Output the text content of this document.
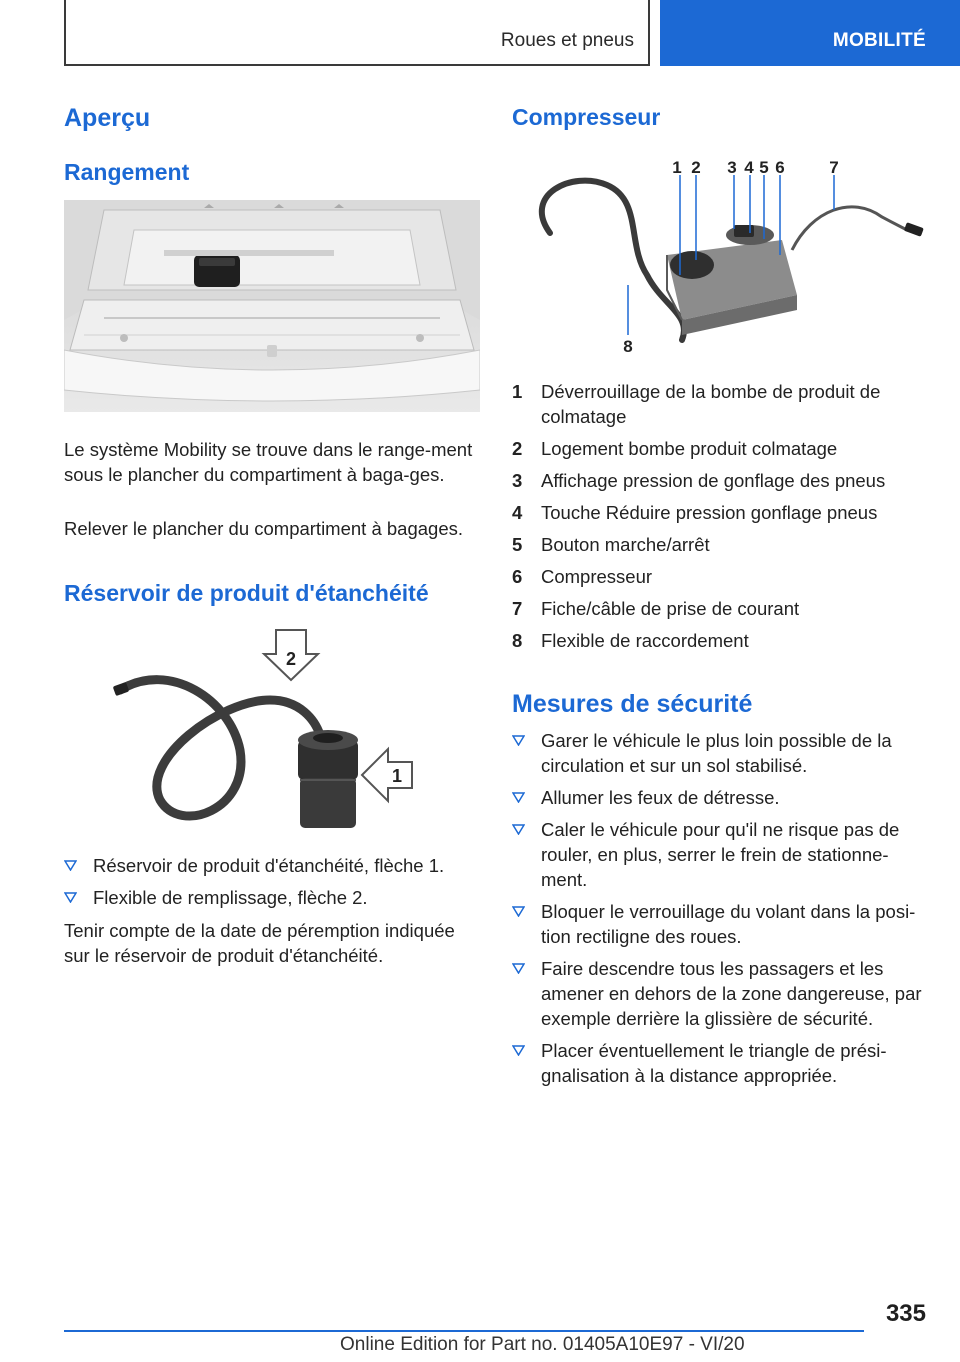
Roues et pneus	MOBILITÉ
Aperçu
Rangement

Le système Mobility se trouve dans le range-ment sous le plancher du compartiment à baga-ges.

Relever le plancher du compartiment à bagages.

Réservoir de produit d'étanchéité
2
1
Réservoir de produit d'étanchéité, flèche 1.
Flexible de remplissage, flèche 2.

Tenir compte de la date de péremption indiquée sur le réservoir de produit d'étanchéité.

Compresseur
1 2 3 4 5 6	7
8
1 Déverrouillage de la bombe de produit de colmatage
2 Logement bombe produit colmatage
3 Affichage pression de gonflage des pneus
4 Touche Réduire pression gonflage pneus
5 Bouton marche/arrêt
6 Compresseur
7 Fiche/câble de prise de courant
8 Flexible de raccordement
Mesures de sécurité
Garer le véhicule le plus loin possible de la circulation et sur un sol stabilisé.
Allumer les feux de détresse.
Caler le véhicule pour qu'il ne risque pas de rouler, en plus, serrer le frein de stationne-ment.
Bloquer le verrouillage du volant dans la posi-tion rectiligne des roues.
Faire descendre tous les passagers et les amener en dehors de la zone dangereuse, par exemple derrière la glissière de sécurité.
Placer éventuellement le triangle de prési-gnalisation à la distance appropriée.
335
Online Edition for Part no. 01405A10E97 - VI/20
